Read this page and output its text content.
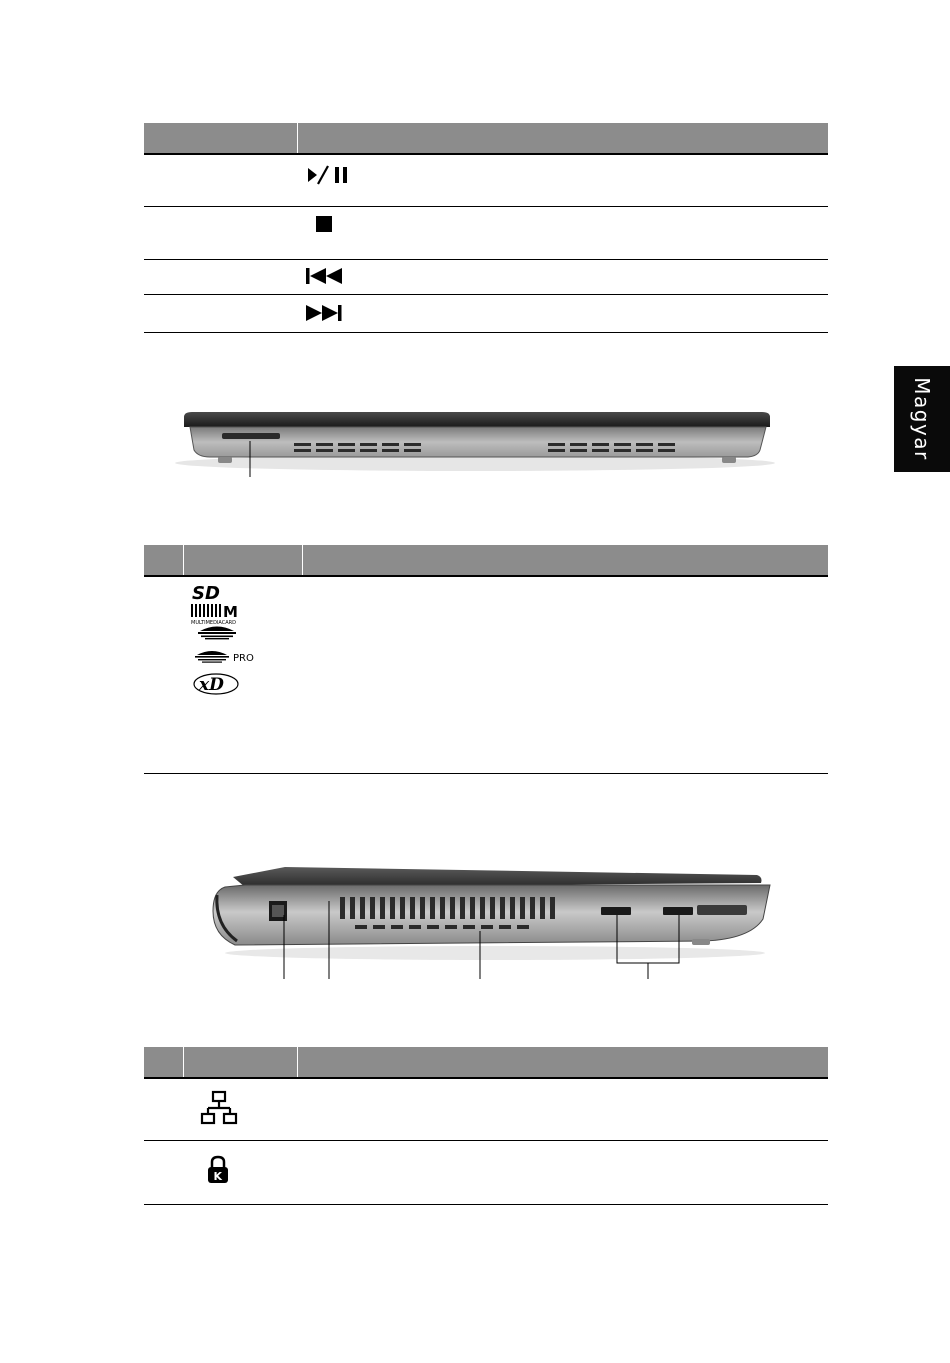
Magyar
SD
M
MULTIMEDIACARD
PRO
xD
K
